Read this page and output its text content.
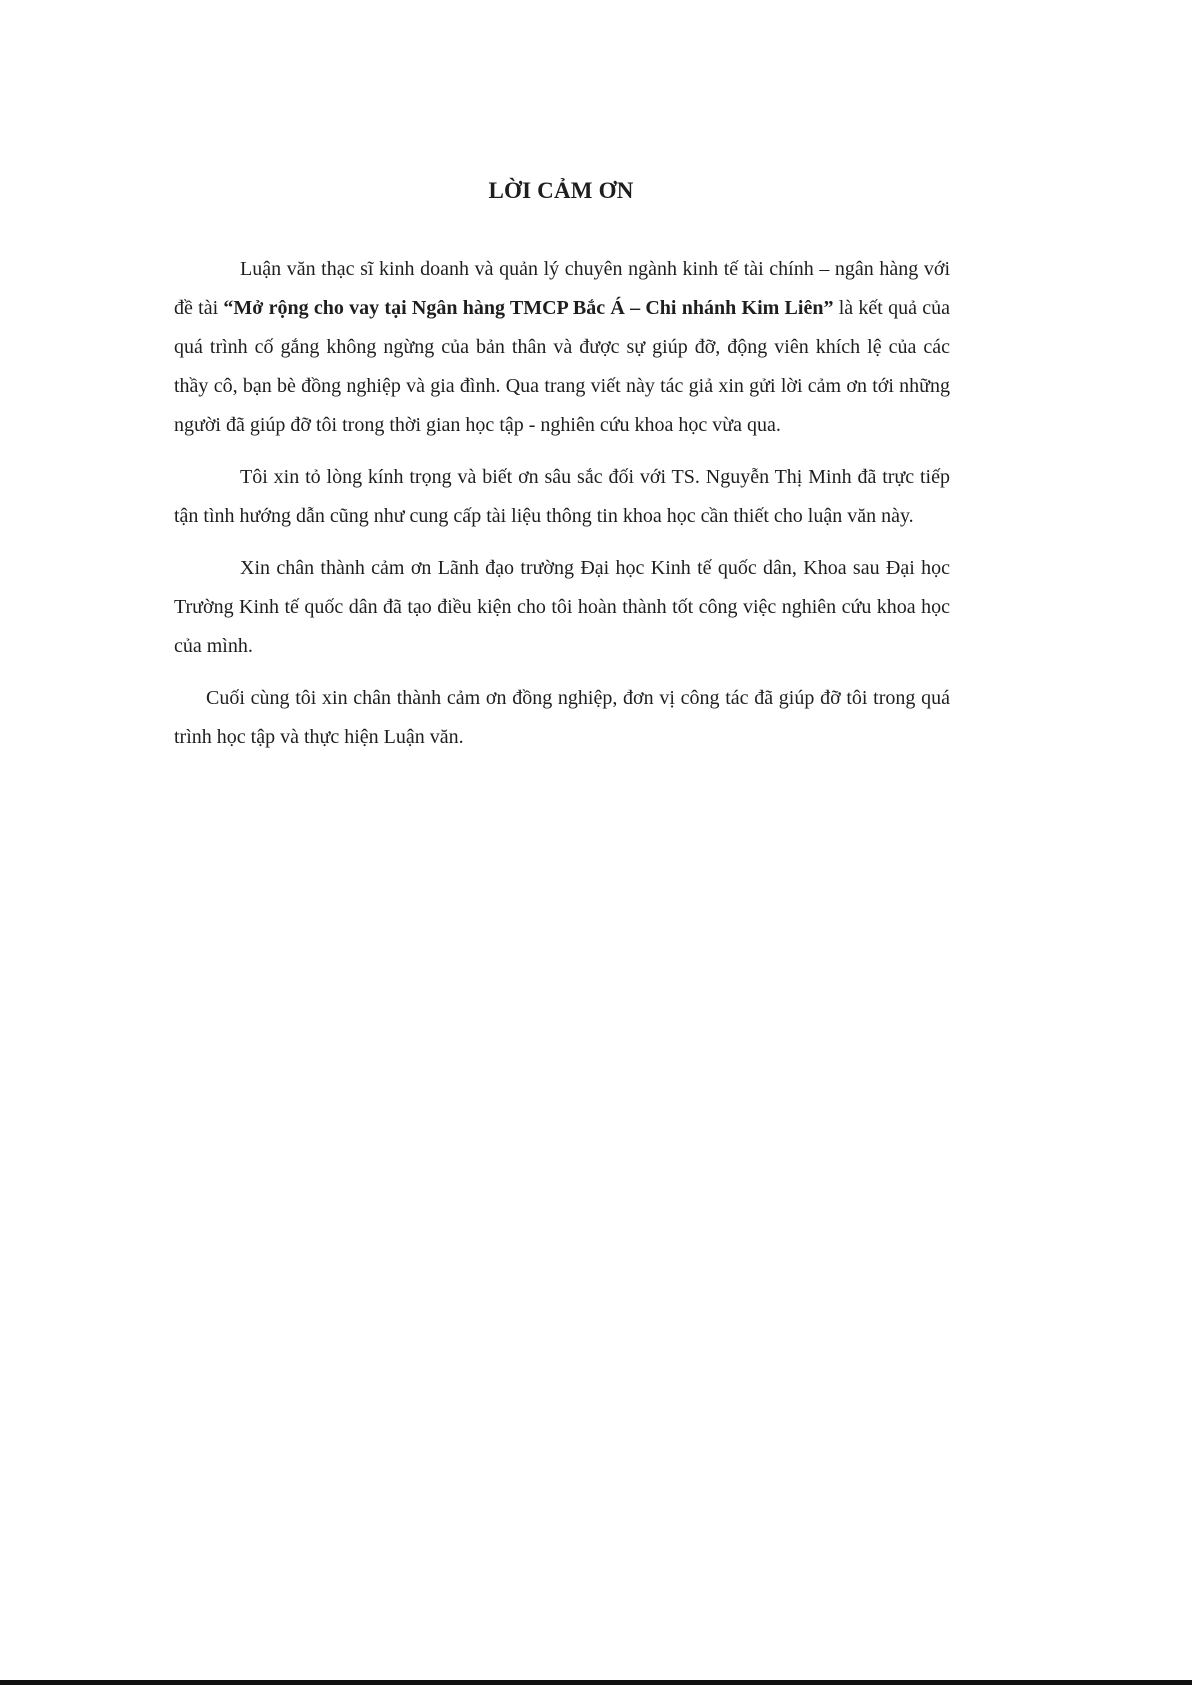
LỜI CẢM ƠN

Luận văn thạc sĩ kinh doanh và quản lý chuyên ngành kinh tế tài chính – ngân hàng với đề tài “Mở rộng cho vay tại Ngân hàng TMCP Bắc Á – Chi nhánh Kim Liên” là kết quả của quá trình cố gắng không ngừng của bản thân và được sự giúp đỡ, động viên khích lệ của các thầy cô, bạn bè đồng nghiệp và gia đình. Qua trang viết này tác giả xin gửi lời cảm ơn tới những người đã giúp đỡ tôi trong thời gian học tập - nghiên cứu khoa học vừa qua.

Tôi xin tỏ lòng kính trọng và biết ơn sâu sắc đối với TS. Nguyễn Thị Minh đã trực tiếp tận tình hướng dẫn cũng như cung cấp tài liệu thông tin khoa học cần thiết cho luận văn này.

Xin chân thành cảm ơn Lãnh đạo trường Đại học Kinh tế quốc dân, Khoa sau Đại học Trường Kinh tế quốc dân đã tạo điều kiện cho tôi hoàn thành tốt công việc nghiên cứu khoa học của mình.

Cuối cùng tôi xin chân thành cảm ơn đồng nghiệp, đơn vị công tác đã giúp đỡ tôi trong quá trình học tập và thực hiện Luận văn.
